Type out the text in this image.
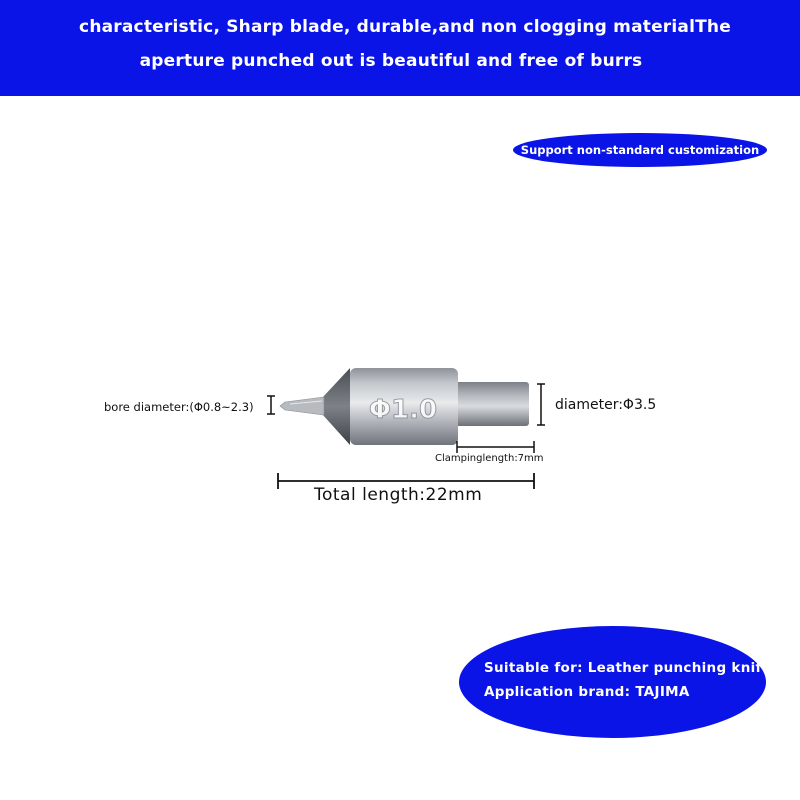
characteristic, Sharp blade, durable,and non clogging materialThe
aperture punched out is beautiful and free of burrs
Support non-standard customization
Φ1.0
bore diameter:(Φ0.8~2.3)	diameter:Φ3.5
Clampinglength:7mm
Total length:22mm
Suitable for: Leather punching knife
Application brand: TAJIMA
